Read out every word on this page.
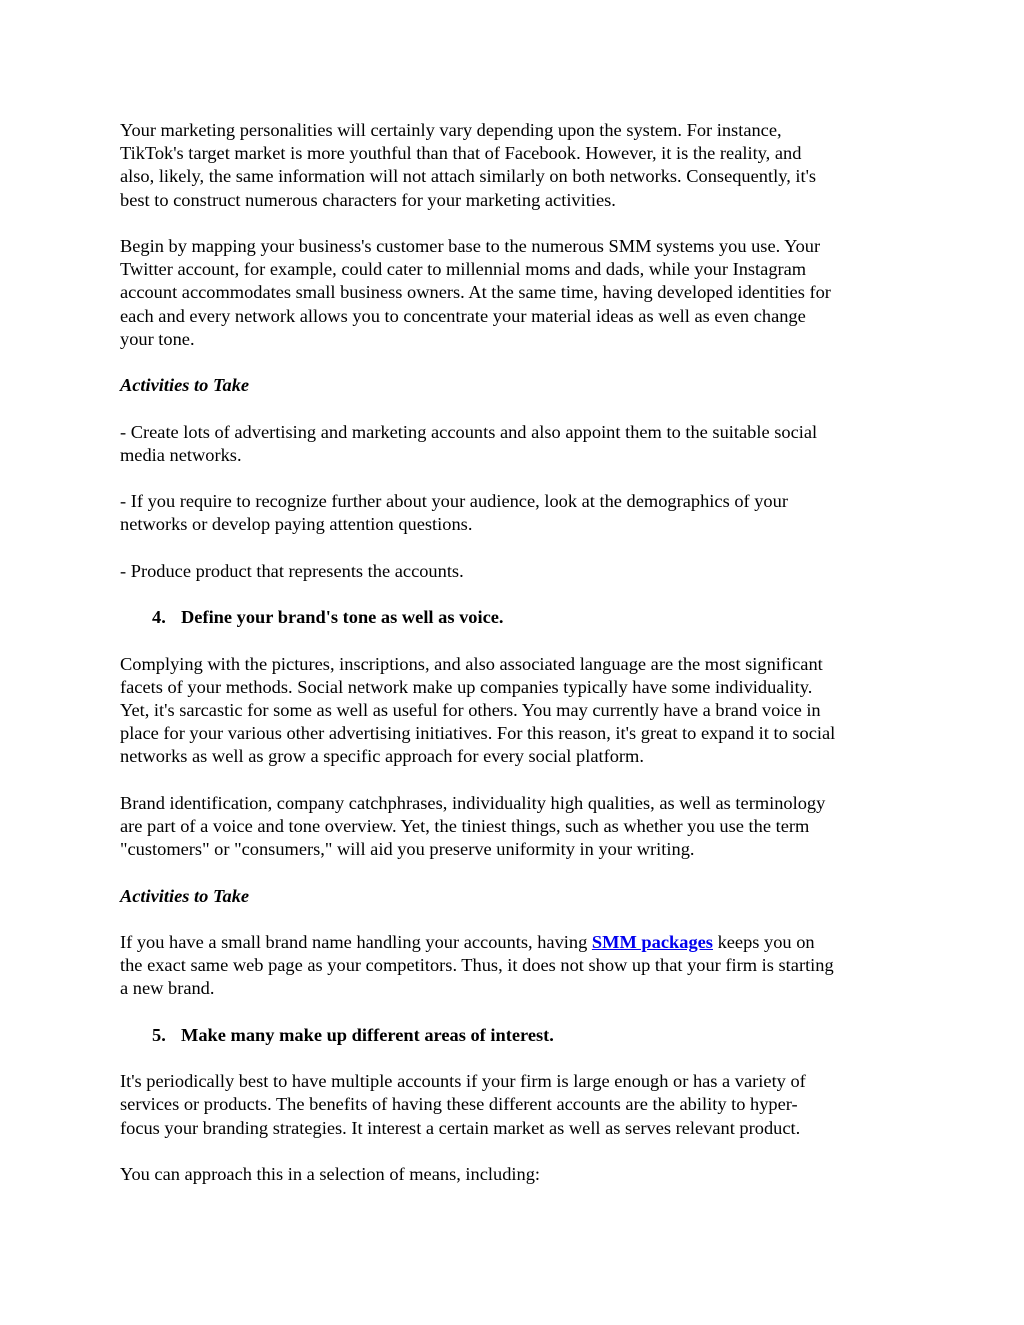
Your marketing personalities will certainly vary depending upon the system. For instance,
TikTok's target market is more youthful than that of Facebook. However, it is the reality, and
also, likely, the same information will not attach similarly on both networks. Consequently, it's
best to construct numerous characters for your marketing activities.

Begin by mapping your business's customer base to the numerous SMM systems you use. Your
Twitter account, for example, could cater to millennial moms and dads, while your Instagram
account accommodates small business owners. At the same time, having developed identities for
each and every network allows you to concentrate your material ideas as well as even change
your tone.

Activities to Take

- Create lots of advertising and marketing accounts and also appoint them to the suitable social
media networks.

- If you require to recognize further about your audience, look at the demographics of your
networks or develop paying attention questions.

- Produce product that represents the accounts.

4. Define your brand's tone as well as voice.

Complying with the pictures, inscriptions, and also associated language are the most significant
facets of your methods. Social network make up companies typically have some individuality.
Yet, it's sarcastic for some as well as useful for others. You may currently have a brand voice in
place for your various other advertising initiatives. For this reason, it's great to expand it to social
networks as well as grow a specific approach for every social platform.

Brand identification, company catchphrases, individuality high qualities, as well as terminology
are part of a voice and tone overview. Yet, the tiniest things, such as whether you use the term
"customers" or "consumers," will aid you preserve uniformity in your writing.

Activities to Take

If you have a small brand name handling your accounts, having SMM packages keeps you on
the exact same web page as your competitors. Thus, it does not show up that your firm is starting
a new brand.

5. Make many make up different areas of interest.

It's periodically best to have multiple accounts if your firm is large enough or has a variety of
services or products. The benefits of having these different accounts are the ability to hyper-
focus your branding strategies. It interest a certain market as well as serves relevant product.

You can approach this in a selection of means, including:
